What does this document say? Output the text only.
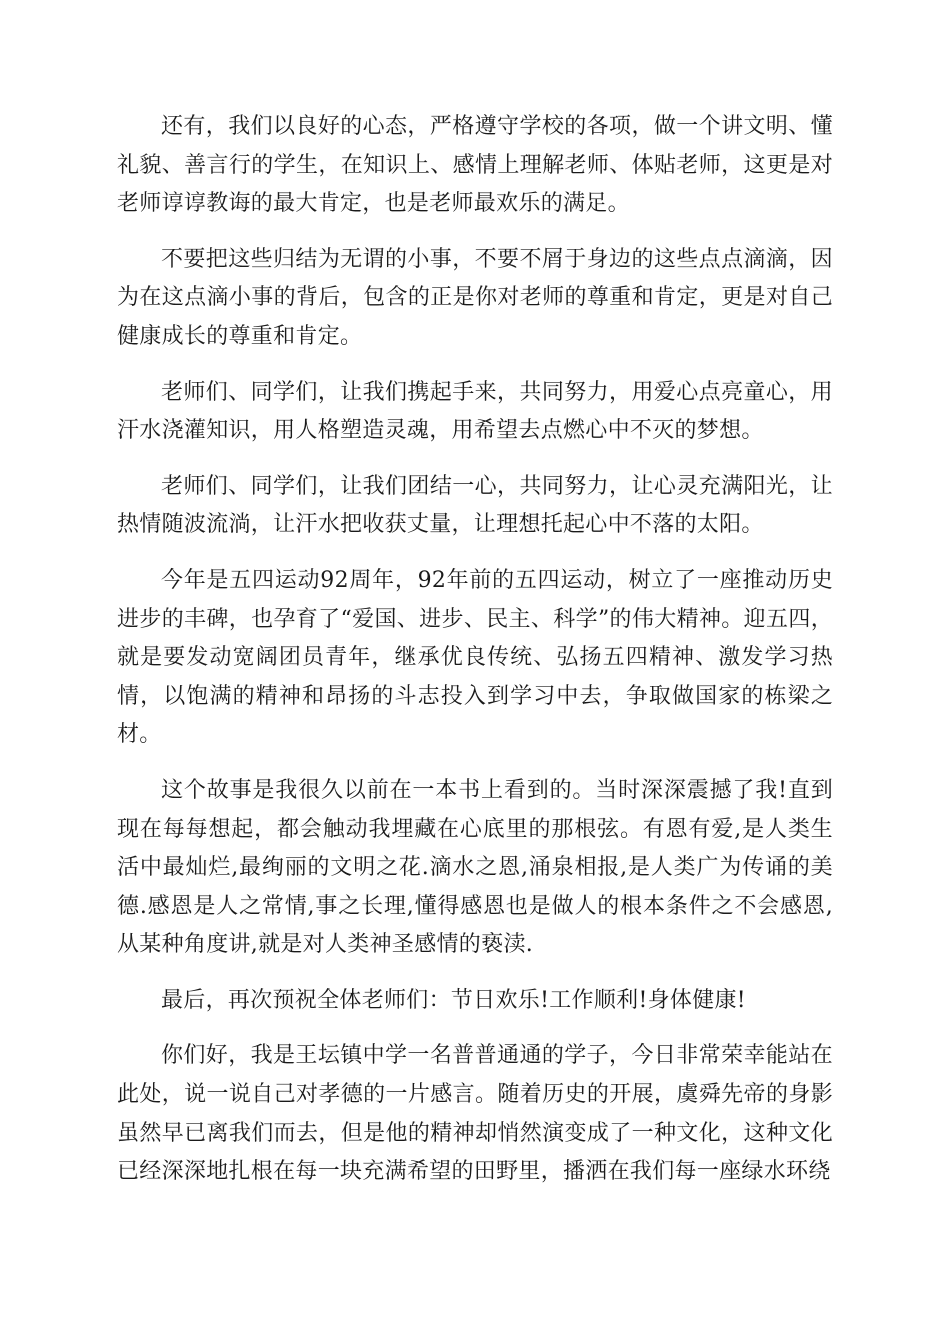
还有，我们以良好的心态，严格遵守学校的各项，做一个讲文明、懂礼貌、善言行的学生，在知识上、感情上理解老师、体贴老师，这更是对老师谆谆教诲的最大肯定，也是老师最欢乐的满足。

不要把这些归结为无谓的小事，不要不屑于身边的这些点点滴滴，因为在这点滴小事的背后，包含的正是你对老师的尊重和肯定，更是对自己健康成长的尊重和肯定。

老师们、同学们，让我们携起手来，共同努力，用爱心点亮童心，用汗水浇灌知识，用人格塑造灵魂，用希望去点燃心中不灭的梦想。

老师们、同学们，让我们团结一心，共同努力，让心灵充满阳光，让热情随波流淌，让汗水把收获丈量，让理想托起心中不落的太阳。

今年是五四运动92周年，92年前的五四运动，树立了一座推动历史进步的丰碑，也孕育了“爱国、进步、民主、科学”的伟大精神。迎五四，就是要发动宽阔团员青年，继承优良传统、弘扬五四精神、激发学习热情，以饱满的精神和昂扬的斗志投入到学习中去，争取做国家的栋梁之材。

这个故事是我很久以前在一本书上看到的。当时深深震撼了我!直到现在每每想起，都会触动我埋藏在心底里的那根弦。有恩有爱,是人类生活中最灿烂,最绚丽的文明之花.滴水之恩,涌泉相报,是人类广为传诵的美德.感恩是人之常情,事之长理,懂得感恩也是做人的根本条件之不会感恩,从某种角度讲,就是对人类神圣感情的亵渎.

最后，再次预祝全体老师们：节日欢乐!工作顺利!身体健康!

你们好，我是王坛镇中学一名普普通通的学子，今日非常荣幸能站在此处，说一说自己对孝德的一片感言。随着历史的开展，虞舜先帝的身影虽然早已离我们而去，但是他的精神却悄然演变成了一种文化，这种文化已经深深地扎根在每一块充满希望的田野里，播洒在我们每一座绿水环绕
